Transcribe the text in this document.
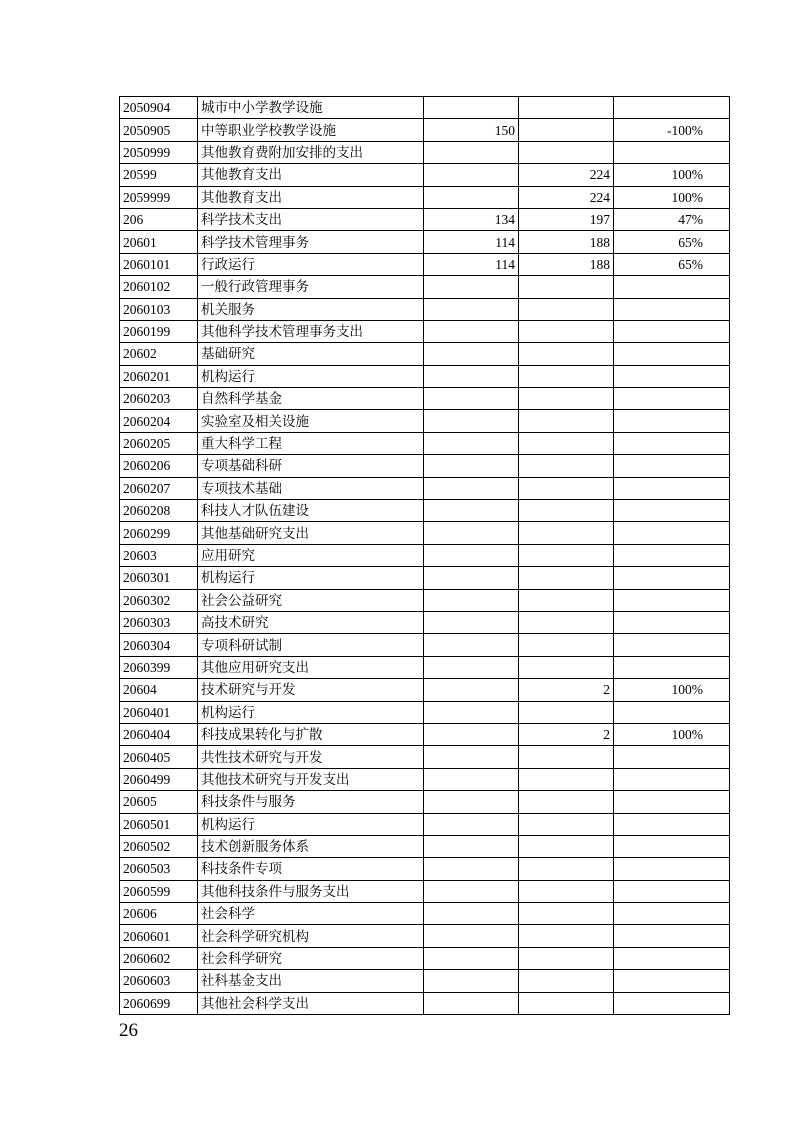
2050904	城市中小学教学设施			
2050905	中等职业学校教学设施	150		-100%
2050999	其他教育费附加安排的支出			
20599	其他教育支出		224	100%
2059999	其他教育支出		224	100%
206	科学技术支出	134	197	47%
20601	科学技术管理事务	114	188	65%
2060101	行政运行	114	188	65%
2060102	一般行政管理事务			
2060103	机关服务			
2060199	其他科学技术管理事务支出			
20602	基础研究			
2060201	机构运行			
2060203	自然科学基金			
2060204	实验室及相关设施			
2060205	重大科学工程			
2060206	专项基础科研			
2060207	专项技术基础			
2060208	科技人才队伍建设			
2060299	其他基础研究支出			
20603	应用研究			
2060301	机构运行			
2060302	社会公益研究			
2060303	高技术研究			
2060304	专项科研试制			
2060399	其他应用研究支出			
20604	技术研究与开发		2	100%
2060401	机构运行			
2060404	科技成果转化与扩散		2	100%
2060405	共性技术研究与开发			
2060499	其他技术研究与开发支出			
20605	科技条件与服务			
2060501	机构运行			
2060502	技术创新服务体系			
2060503	科技条件专项			
2060599	其他科技条件与服务支出			
20606	社会科学			
2060601	社会科学研究机构			
2060602	社会科学研究			
2060603	社科基金支出			
2060699	其他社会科学支出			
26
